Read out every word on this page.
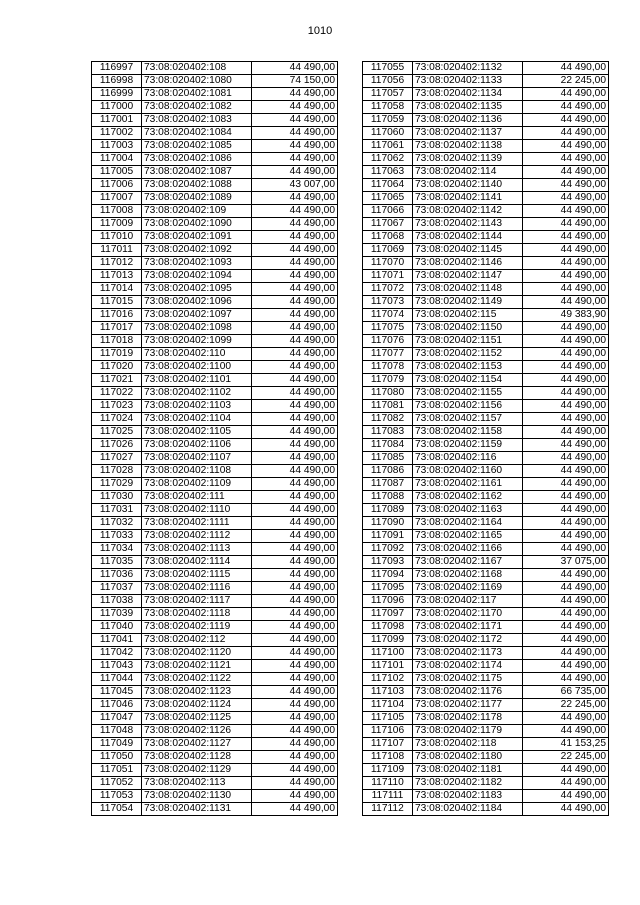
1010
116997	73:08:020402:108	44 490,00
116998	73:08:020402:1080	74 150,00
116999	73:08:020402:1081	44 490,00
117000	73:08:020402:1082	44 490,00
117001	73:08:020402:1083	44 490,00
117002	73:08:020402:1084	44 490,00
117003	73:08:020402:1085	44 490,00
117004	73:08:020402:1086	44 490,00
117005	73:08:020402:1087	44 490,00
117006	73:08:020402:1088	43 007,00
117007	73:08:020402:1089	44 490,00
117008	73:08:020402:109	44 490,00
117009	73:08:020402:1090	44 490,00
117010	73:08:020402:1091	44 490,00
117011	73:08:020402:1092	44 490,00
117012	73:08:020402:1093	44 490,00
117013	73:08:020402:1094	44 490,00
117014	73:08:020402:1095	44 490,00
117015	73:08:020402:1096	44 490,00
117016	73:08:020402:1097	44 490,00
117017	73:08:020402:1098	44 490,00
117018	73:08:020402:1099	44 490,00
117019	73:08:020402:110	44 490,00
117020	73:08:020402:1100	44 490,00
117021	73:08:020402:1101	44 490,00
117022	73:08:020402:1102	44 490,00
117023	73:08:020402:1103	44 490,00
117024	73:08:020402:1104	44 490,00
117025	73:08:020402:1105	44 490,00
117026	73:08:020402:1106	44 490,00
117027	73:08:020402:1107	44 490,00
117028	73:08:020402:1108	44 490,00
117029	73:08:020402:1109	44 490,00
117030	73:08:020402:111	44 490,00
117031	73:08:020402:1110	44 490,00
117032	73:08:020402:1111	44 490,00
117033	73:08:020402:1112	44 490,00
117034	73:08:020402:1113	44 490,00
117035	73:08:020402:1114	44 490,00
117036	73:08:020402:1115	44 490,00
117037	73:08:020402:1116	44 490,00
117038	73:08:020402:1117	44 490,00
117039	73:08:020402:1118	44 490,00
117040	73:08:020402:1119	44 490,00
117041	73:08:020402:112	44 490,00
117042	73:08:020402:1120	44 490,00
117043	73:08:020402:1121	44 490,00
117044	73:08:020402:1122	44 490,00
117045	73:08:020402:1123	44 490,00
117046	73:08:020402:1124	44 490,00
117047	73:08:020402:1125	44 490,00
117048	73:08:020402:1126	44 490,00
117049	73:08:020402:1127	44 490,00
117050	73:08:020402:1128	44 490,00
117051	73:08:020402:1129	44 490,00
117052	73:08:020402:113	44 490,00
117053	73:08:020402:1130	44 490,00
117054	73:08:020402:1131	44 490,00
117055	73:08:020402:1132	44 490,00
117056	73:08:020402:1133	22 245,00
117057	73:08:020402:1134	44 490,00
117058	73:08:020402:1135	44 490,00
117059	73:08:020402:1136	44 490,00
117060	73:08:020402:1137	44 490,00
117061	73:08:020402:1138	44 490,00
117062	73:08:020402:1139	44 490,00
117063	73:08:020402:114	44 490,00
117064	73:08:020402:1140	44 490,00
117065	73:08:020402:1141	44 490,00
117066	73:08:020402:1142	44 490,00
117067	73:08:020402:1143	44 490,00
117068	73:08:020402:1144	44 490,00
117069	73:08:020402:1145	44 490,00
117070	73:08:020402:1146	44 490,00
117071	73:08:020402:1147	44 490,00
117072	73:08:020402:1148	44 490,00
117073	73:08:020402:1149	44 490,00
117074	73:08:020402:115	49 383,90
117075	73:08:020402:1150	44 490,00
117076	73:08:020402:1151	44 490,00
117077	73:08:020402:1152	44 490,00
117078	73:08:020402:1153	44 490,00
117079	73:08:020402:1154	44 490,00
117080	73:08:020402:1155	44 490,00
117081	73:08:020402:1156	44 490,00
117082	73:08:020402:1157	44 490,00
117083	73:08:020402:1158	44 490,00
117084	73:08:020402:1159	44 490,00
117085	73:08:020402:116	44 490,00
117086	73:08:020402:1160	44 490,00
117087	73:08:020402:1161	44 490,00
117088	73:08:020402:1162	44 490,00
117089	73:08:020402:1163	44 490,00
117090	73:08:020402:1164	44 490,00
117091	73:08:020402:1165	44 490,00
117092	73:08:020402:1166	44 490,00
117093	73:08:020402:1167	37 075,00
117094	73:08:020402:1168	44 490,00
117095	73:08:020402:1169	44 490,00
117096	73:08:020402:117	44 490,00
117097	73:08:020402:1170	44 490,00
117098	73:08:020402:1171	44 490,00
117099	73:08:020402:1172	44 490,00
117100	73:08:020402:1173	44 490,00
117101	73:08:020402:1174	44 490,00
117102	73:08:020402:1175	44 490,00
117103	73:08:020402:1176	66 735,00
117104	73:08:020402:1177	22 245,00
117105	73:08:020402:1178	44 490,00
117106	73:08:020402:1179	44 490,00
117107	73:08:020402:118	41 153,25
117108	73:08:020402:1180	22 245,00
117109	73:08:020402:1181	44 490,00
117110	73:08:020402:1182	44 490,00
117111	73:08:020402:1183	44 490,00
117112	73:08:020402:1184	44 490,00
